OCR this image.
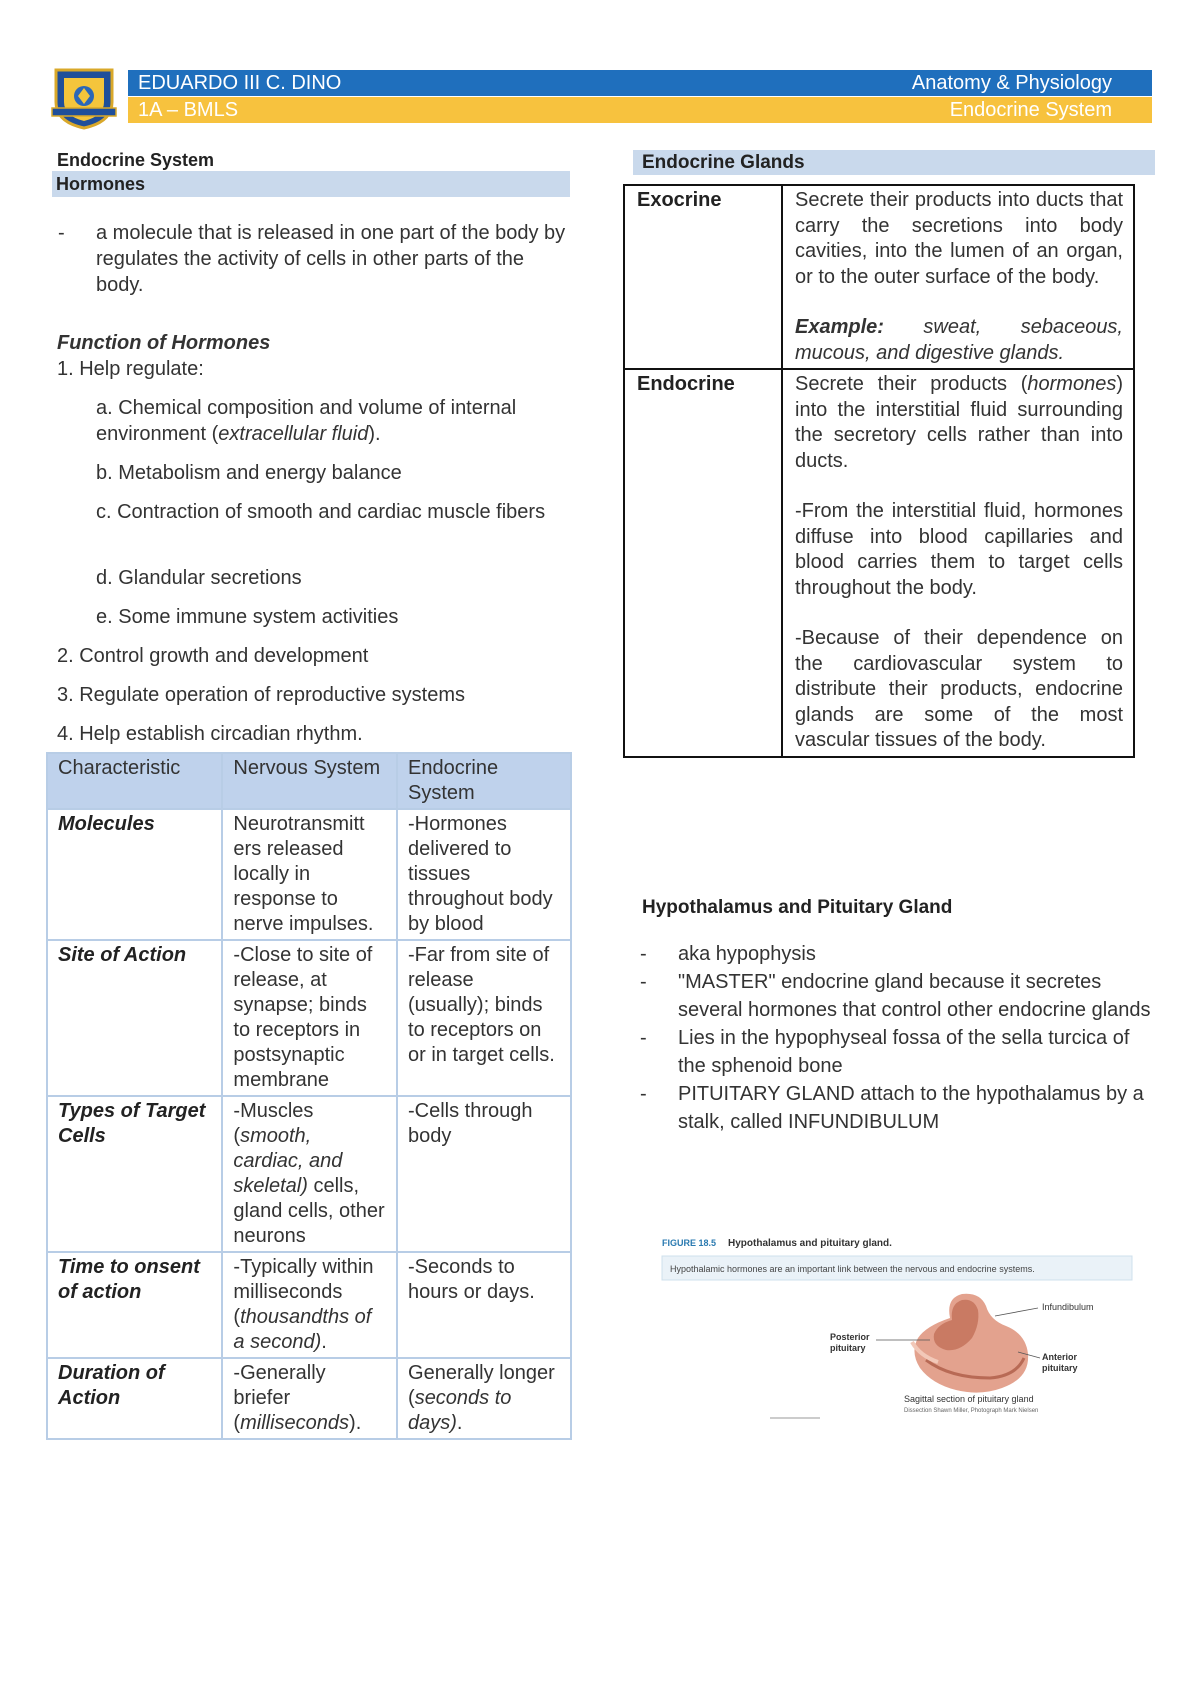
EDUARDO III C. DINO	Anatomy & Physiology
1A – BMLS	Endocrine System
Endocrine System
Hormones
- a molecule that is released in one part of the body by regulates the activity of cells in other parts of the body.
Function of Hormones
1. Help regulate:
a. Chemical composition and volume of internal environment (extracellular fluid).
b. Metabolism and energy balance
c. Contraction of smooth and cardiac muscle fibers
d. Glandular secretions
e. Some immune system activities
2. Control growth and development
3. Regulate operation of reproductive systems
4. Help establish circadian rhythm.
Characteristic	Nervous System	Endocrine System
Molecules	Neurotransmitt ers released locally in response to nerve impulses.	-Hormones delivered to tissues throughout body by blood
Site of Action	-Close to site of release, at synapse; binds to receptors in postsynaptic membrane	-Far from site of release (usually); binds to receptors on or in target cells.
Types of Target Cells	-Muscles (smooth, cardiac, and skeletal) cells, gland cells, other neurons	-Cells through body
Time to onsent of action	-Typically within milliseconds (thousandths of a second).	-Seconds to hours or days.
Duration of Action	-Generally briefer (milliseconds).	Generally longer (seconds to days).
Endocrine Glands
Exocrine	Secrete their products into ducts that carry the secretions into body cavities, into the lumen of an organ, or to the outer surface of the body.

Example: sweat, sebaceous, mucous, and digestive glands.

Endocrine	Secrete their products (hormones) into the interstitial fluid surrounding the secretory cells rather than into ducts.

-From the interstitial fluid, hormones diffuse into blood capillaries and blood carries them to target cells throughout the body.

-Because of their dependence on the cardiovascular system to distribute their products, endocrine glands are some of the most vascular tissues of the body.

Hypothalamus and Pituitary Gland
- aka hypophysis
- "MASTER" endocrine gland because it secretes several hormones that control other endocrine glands
- Lies in the hypophyseal fossa of the sella turcica of the sphenoid bone
- PITUITARY GLAND attach to the hypothalamus by a stalk, called INFUNDIBULUM
FIGURE 18.5 Hypothalamus and pituitary gland.
Hypothalamic hormones are an important link between the nervous and endocrine systems.
Infundibulum
Posterior
pituitary
Anterior
pituitary
Sagittal section of pituitary gland
Dissection Shawn Miller, Photograph Mark Nielsen
